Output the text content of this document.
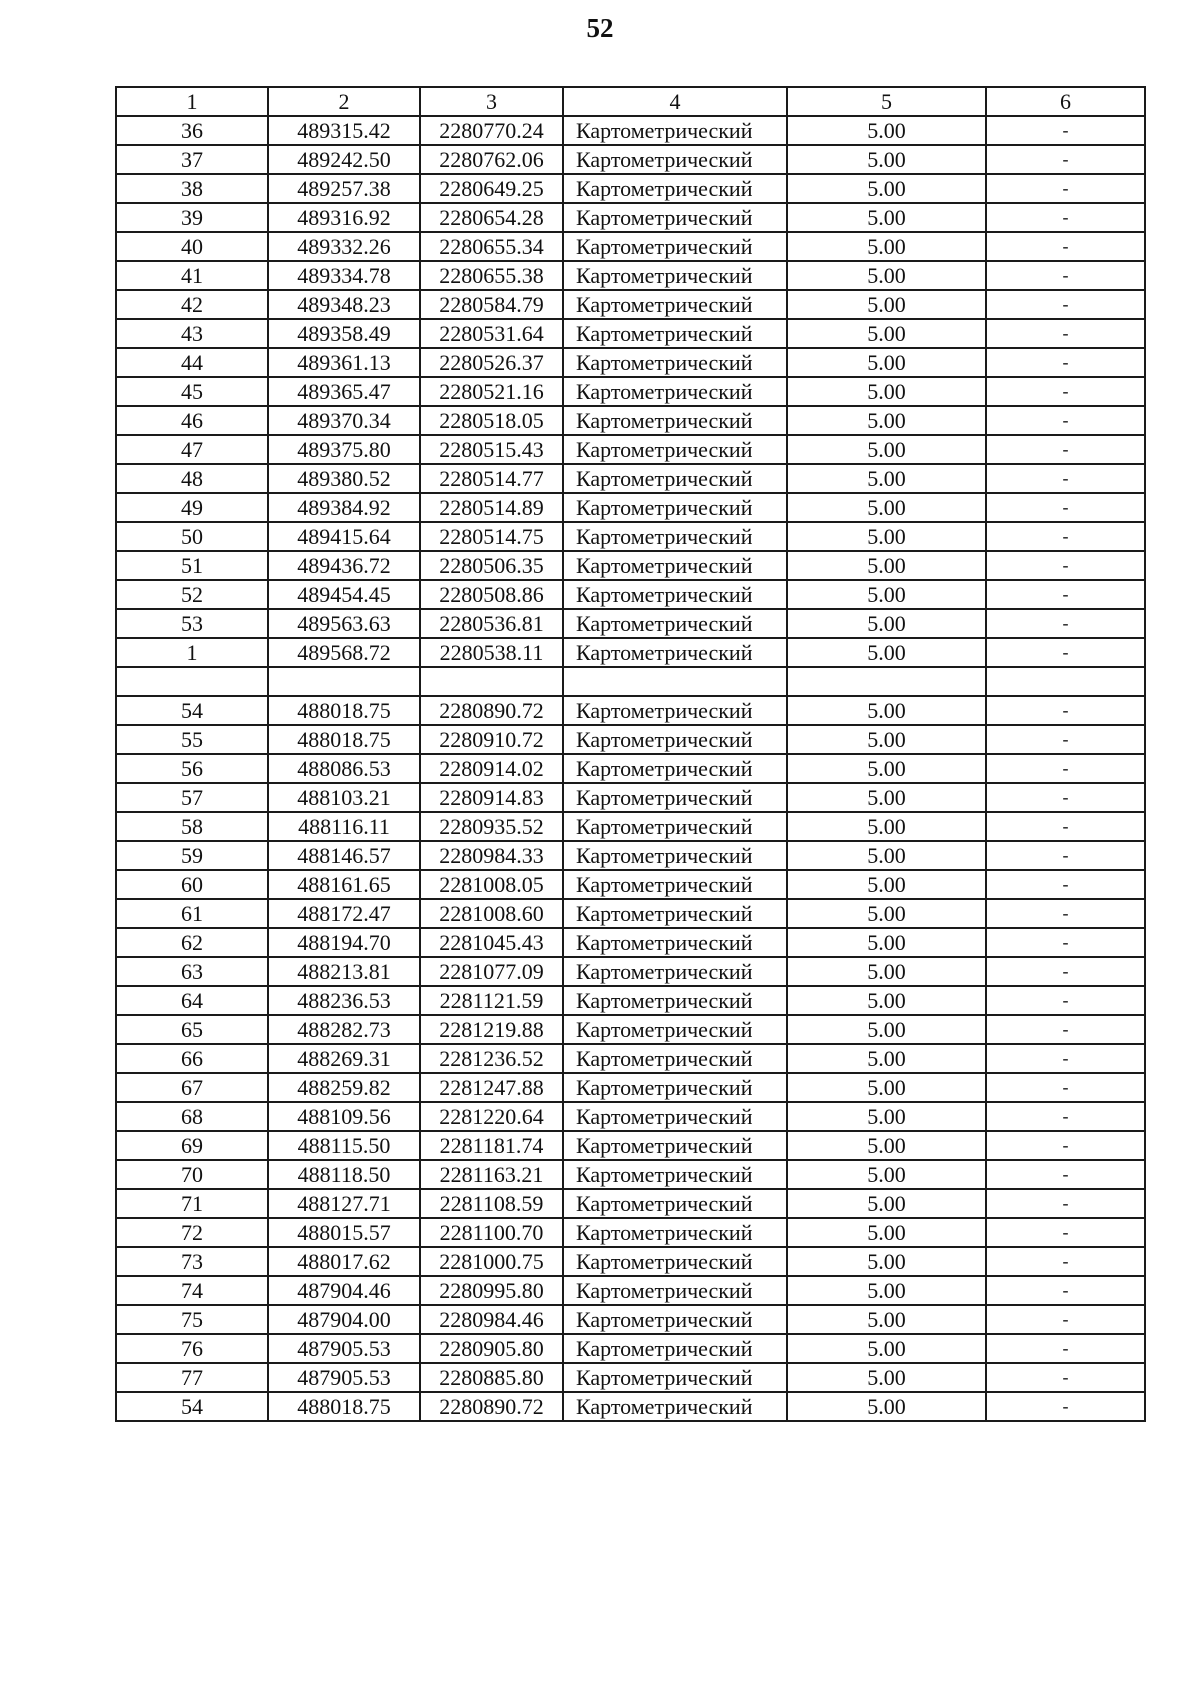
52
1	2	3	4	5	6
36	489315.42	2280770.24	Картометрический	5.00	-
37	489242.50	2280762.06	Картометрический	5.00	-
38	489257.38	2280649.25	Картометрический	5.00	-
39	489316.92	2280654.28	Картометрический	5.00	-
40	489332.26	2280655.34	Картометрический	5.00	-
41	489334.78	2280655.38	Картометрический	5.00	-
42	489348.23	2280584.79	Картометрический	5.00	-
43	489358.49	2280531.64	Картометрический	5.00	-
44	489361.13	2280526.37	Картометрический	5.00	-
45	489365.47	2280521.16	Картометрический	5.00	-
46	489370.34	2280518.05	Картометрический	5.00	-
47	489375.80	2280515.43	Картометрический	5.00	-
48	489380.52	2280514.77	Картометрический	5.00	-
49	489384.92	2280514.89	Картометрический	5.00	-
50	489415.64	2280514.75	Картометрический	5.00	-
51	489436.72	2280506.35	Картометрический	5.00	-
52	489454.45	2280508.86	Картометрический	5.00	-
53	489563.63	2280536.81	Картометрический	5.00	-
1	489568.72	2280538.11	Картометрический	5.00	-

54	488018.75	2280890.72	Картометрический	5.00	-
55	488018.75	2280910.72	Картометрический	5.00	-
56	488086.53	2280914.02	Картометрический	5.00	-
57	488103.21	2280914.83	Картометрический	5.00	-
58	488116.11	2280935.52	Картометрический	5.00	-
59	488146.57	2280984.33	Картометрический	5.00	-
60	488161.65	2281008.05	Картометрический	5.00	-
61	488172.47	2281008.60	Картометрический	5.00	-
62	488194.70	2281045.43	Картометрический	5.00	-
63	488213.81	2281077.09	Картометрический	5.00	-
64	488236.53	2281121.59	Картометрический	5.00	-
65	488282.73	2281219.88	Картометрический	5.00	-
66	488269.31	2281236.52	Картометрический	5.00	-
67	488259.82	2281247.88	Картометрический	5.00	-
68	488109.56	2281220.64	Картометрический	5.00	-
69	488115.50	2281181.74	Картометрический	5.00	-
70	488118.50	2281163.21	Картометрический	5.00	-
71	488127.71	2281108.59	Картометрический	5.00	-
72	488015.57	2281100.70	Картометрический	5.00	-
73	488017.62	2281000.75	Картометрический	5.00	-
74	487904.46	2280995.80	Картометрический	5.00	-
75	487904.00	2280984.46	Картометрический	5.00	-
76	487905.53	2280905.80	Картометрический	5.00	-
77	487905.53	2280885.80	Картометрический	5.00	-
54	488018.75	2280890.72	Картометрический	5.00	-
